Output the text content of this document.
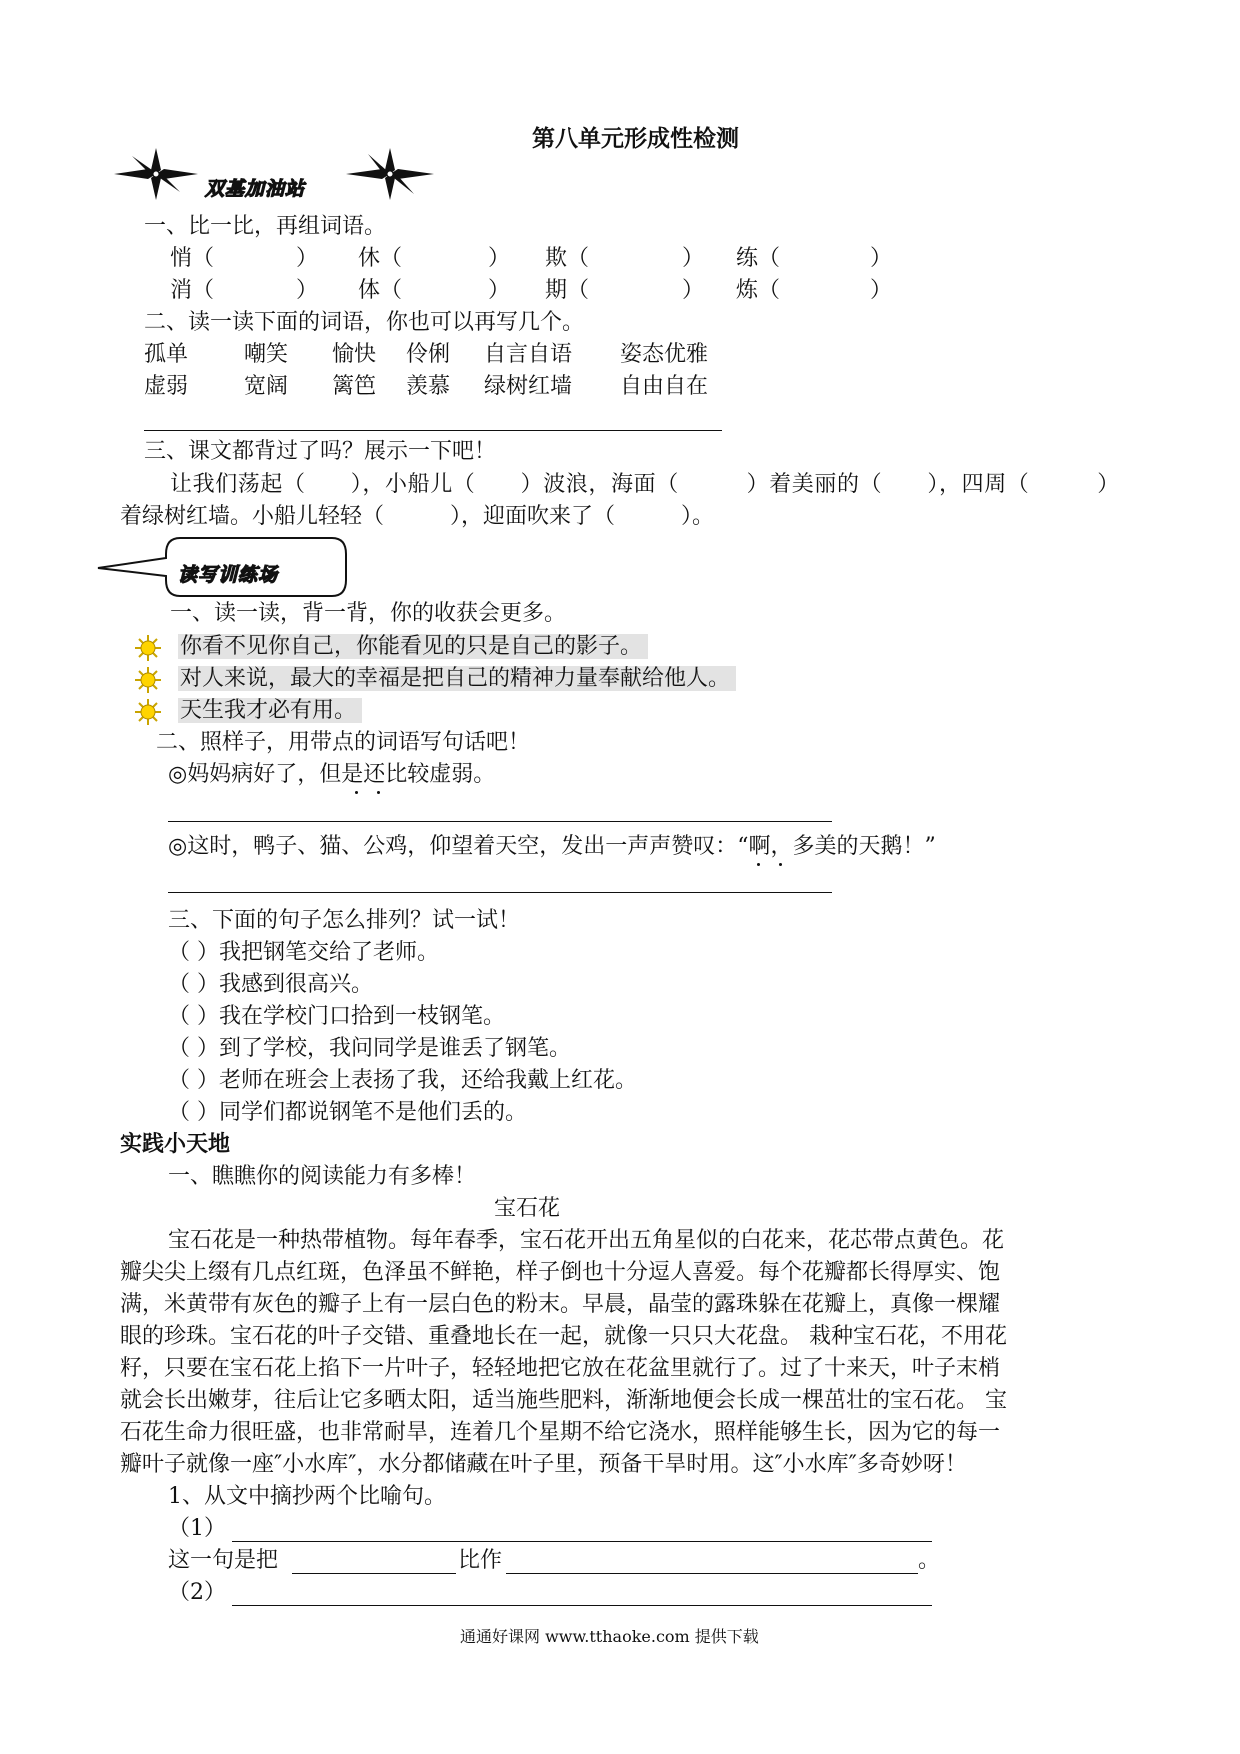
第八单元形成性检测
双基加油站
一、比一比，再组词语。
悄（	） 休（	） 欺（	） 练（	）
消（	） 体（	） 期（	） 炼（	）
二、读一读下面的词语，你也可以再写几个。
孤单	嘲笑 愉快 伶俐 自言自语 姿态优雅
虚弱	宽阔 篱笆 羡慕 绿树红墙 自由自在
三、课文都背过了吗？展示一下吧！
让我们荡起（　　），小船儿（　　）波浪，海面（　　　）着美丽的（　　），四周（　　　）
着绿树红墙。小船儿轻轻（　　　），迎面吹来了（　　　）。
读写训练场
一、读一读，背一背，你的收获会更多。
你看不见你自己，你能看见的只是自己的影子。
对人来说，最大的幸福是把自己的精神力量奉献给他人。
天生我才必有用。
二、照样子，用带点的词语写句话吧！
◎妈妈病好了，但是还比较虚弱。
◎这时，鸭子、猫、公鸡，仰望着天空，发出一声声赞叹：“啊，多美的天鹅！”
三、下面的句子怎么排列？试一试！
（ ）我把钢笔交给了老师。
（ ）我感到很高兴。
（ ）我在学校门口拾到一枝钢笔。
（ ）到了学校，我问同学是谁丢了钢笔。
（ ）老师在班会上表扬了我，还给我戴上红花。
（ ）同学们都说钢笔不是他们丢的。
实践小天地
一、瞧瞧你的阅读能力有多棒！
宝石花
宝石花是一种热带植物。每年春季，宝石花开出五角星似的白花来，花芯带点黄色。花
瓣尖尖上缀有几点红斑，色泽虽不鲜艳，样子倒也十分逗人喜爱。每个花瓣都长得厚实、饱
满，米黄带有灰色的瓣子上有一层白色的粉末。早晨，晶莹的露珠躲在花瓣上，真像一棵耀
眼的珍珠。宝石花的叶子交错、重叠地长在一起，就像一只只大花盘。 栽种宝石花，不用花
籽，只要在宝石花上掐下一片叶子，轻轻地把它放在花盆里就行了。过了十来天，叶子末梢
就会长出嫩芽，往后让它多晒太阳，适当施些肥料，渐渐地便会长成一棵茁壮的宝石花。 宝
石花生命力很旺盛，也非常耐旱，连着几个星期不给它浇水，照样能够生长，因为它的每一
瓣叶子就像一座″小水库″，水分都储藏在叶子里，预备干旱时用。这″小水库″多奇妙呀！
1、从文中摘抄两个比喻句。
（1）
这一句是把	比作	。
（2）
通通好课网 www.tthaoke.com 提供下载
